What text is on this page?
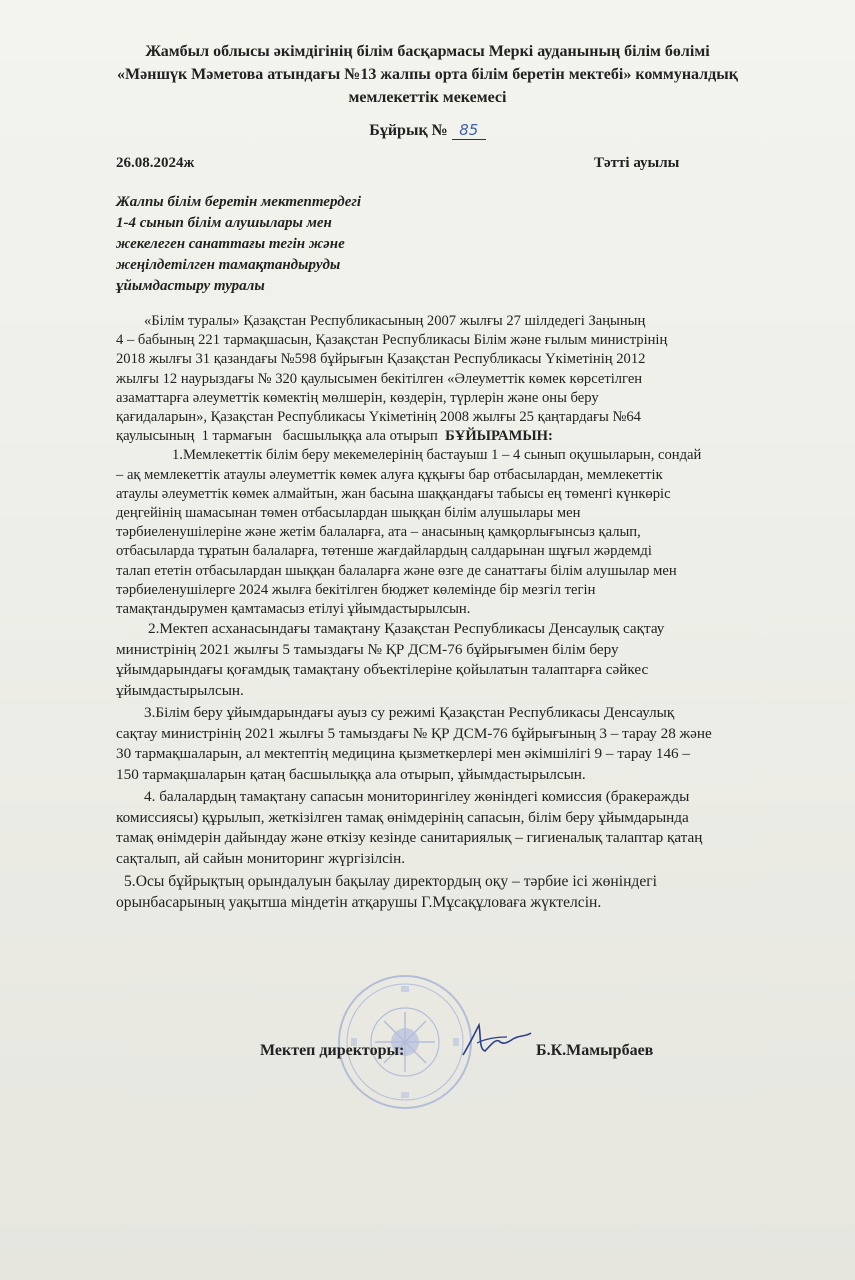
Жамбыл облысы әкімдігінің білім басқармасы Меркі ауданының білім бөлімі
«Мәншүк Мәметова атындағы №13 жалпы орта білім беретін мектебі» коммуналдық
мемлекеттік мекемесі
Бұйрық № 85
26.08.2024ж	Тәтті ауылы
Жалпы білім беретін мектептердегі
1-4 сынып білім алушылары мен
жекелеген санаттағы тегін және
жеңілдетілген тамақтандыруды
ұйымдастыру туралы
«Білім туралы» Қазақстан Республикасының 2007 жылғы 27 шілдедегі Заңының
4 – бабының 221 тармақшасын, Қазақстан Республикасы Білім және ғылым министрінің
2018 жылғы 31 қазандағы №598 бұйрығын Қазақстан Республикасы Үкіметінің 2012
жылғы 12 наурыздағы № 320 қаулысымен бекітілген «Әлеуметтік көмек көрсетілген
азаматтарға әлеуметтік көмектің мөлшерін, көздерін, түрлерін және оны беру
қағидаларын», Қазақстан Республикасы Үкіметінің 2008 жылғы 25 қаңтардағы №64
қаулысының  1 тармағын   басшылыққа ала отырып  БҰЙЫРАМЫН:
1.Мемлекеттік білім беру мекемелерінің бастауыш 1 – 4 сынып оқушыларын, сондай
– ақ мемлекеттік атаулы әлеуметтік көмек алуға құқығы бар отбасылардан, мемлекеттік
атаулы әлеуметтік көмек алмайтын, жан басына шаққандағы табысы ең төменгі күнкөріс
деңгейінің шамасынан төмен отбасылардан шыққан білім алушылары мен
тәрбиеленушілеріне және жетім балаларға, ата – анасының қамқорлығынсыз қалып,
отбасыларда тұратын балаларға, төтенше жағдайлардың салдарынан шұғыл жәрдемді
талап ететін отбасылардан шыққан балаларға және өзге де санаттағы білім алушылар мен
тәрбиеленушілерге 2024 жылға бекітілген бюджет көлемінде бір мезгіл тегін
тамақтандырумен қамтамасыз етілуі ұйымдастырылсын.
2.Мектеп асханасындағы тамақтану Қазақстан Республикасы Денсаулық сақтау
министрінің 2021 жылғы 5 тамыздағы № ҚР ДСМ-76 бұйрығымен білім беру
ұйымдарындағы қоғамдық тамақтану объектілеріне қойылатын талаптарға сәйкес
ұйымдастырылсын.
3.Білім беру ұйымдарындағы ауыз су режимі Қазақстан Республикасы Денсаулық
сақтау министрінің 2021 жылғы 5 тамыздағы № ҚР ДСМ-76 бұйрығының 3 – тарау 28 және
30 тармақшаларын, ал мектептің медицина қызметкерлері мен әкімшілігі 9 – тарау 146 –
150 тармақшаларын қатаң басшылыққа ала отырып, ұйымдастырылсын.
4. балалардың тамақтану сапасын мониторингілеу жөніндегі комиссия (бракеражды
комиссиясы) құрылып, жеткізілген тамақ өнімдерінің сапасын, білім беру ұйымдарында
тамақ өнімдерін дайындау және өткізу кезінде санитариялық – гигиеналық талаптар қатаң
сақталып, ай сайын мониторинг жүргізілсін.
5.Осы бұйрықтың орындалуын бақылау директордың оқу – тәрбие ісі жөніндегі
орынбасарының уақытша міндетін атқарушы Г.Мұсақұловаға жүктелсін.
Мектеп директоры:	Б.К.Мамырбаев
